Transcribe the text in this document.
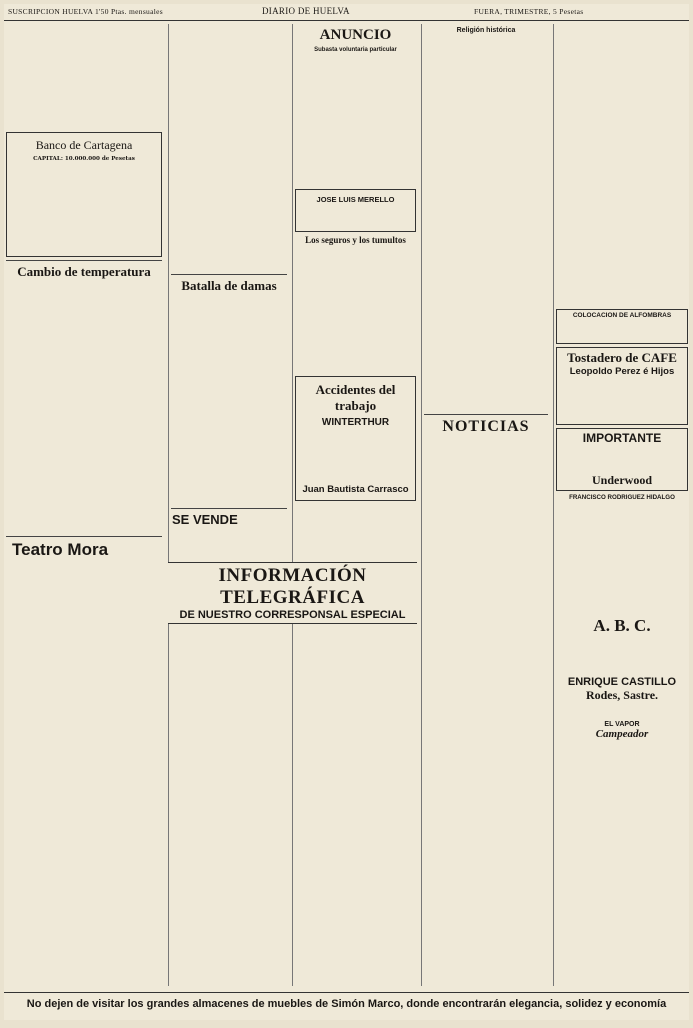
SUSCRIPCION HUELVA 1'50 Ptas. mensuales	DIARIO DE HUELVA	FUERA, TRIMESTRE, 5 Pesetas
Banco de Cartagena
CAPITAL: 10.000.000 de Pesetas
Cambio de temperatura
Teatro Mora
Batalla de damas
SE VENDE
ANUNCIO
Subasta voluntaria particular
JOSE LUIS MERELLO
Los seguros y los tumultos
Accidentes del trabajo
WINTERTHUR
Juan Bautista Carrasco
Religión histórica
NOTICIAS
COLOCACION DE ALFOMBRAS
Tostadero de CAFE
Leopoldo Perez é Hijos
IMPORTANTE
Underwood
FRANCISCO RODRIGUEZ HIDALGO
A. B. C.
ENRIQUE CASTILLO
Rodes, Sastre.
EL VAPOR
Campeador
INFORMACIÓN TELEGRÁFICA
DE NUESTRO CORRESPONSAL ESPECIAL
No dejen de visitar los grandes almacenes de muebles de Simón Marco, donde encontrarán elegancia, solidez y economía
